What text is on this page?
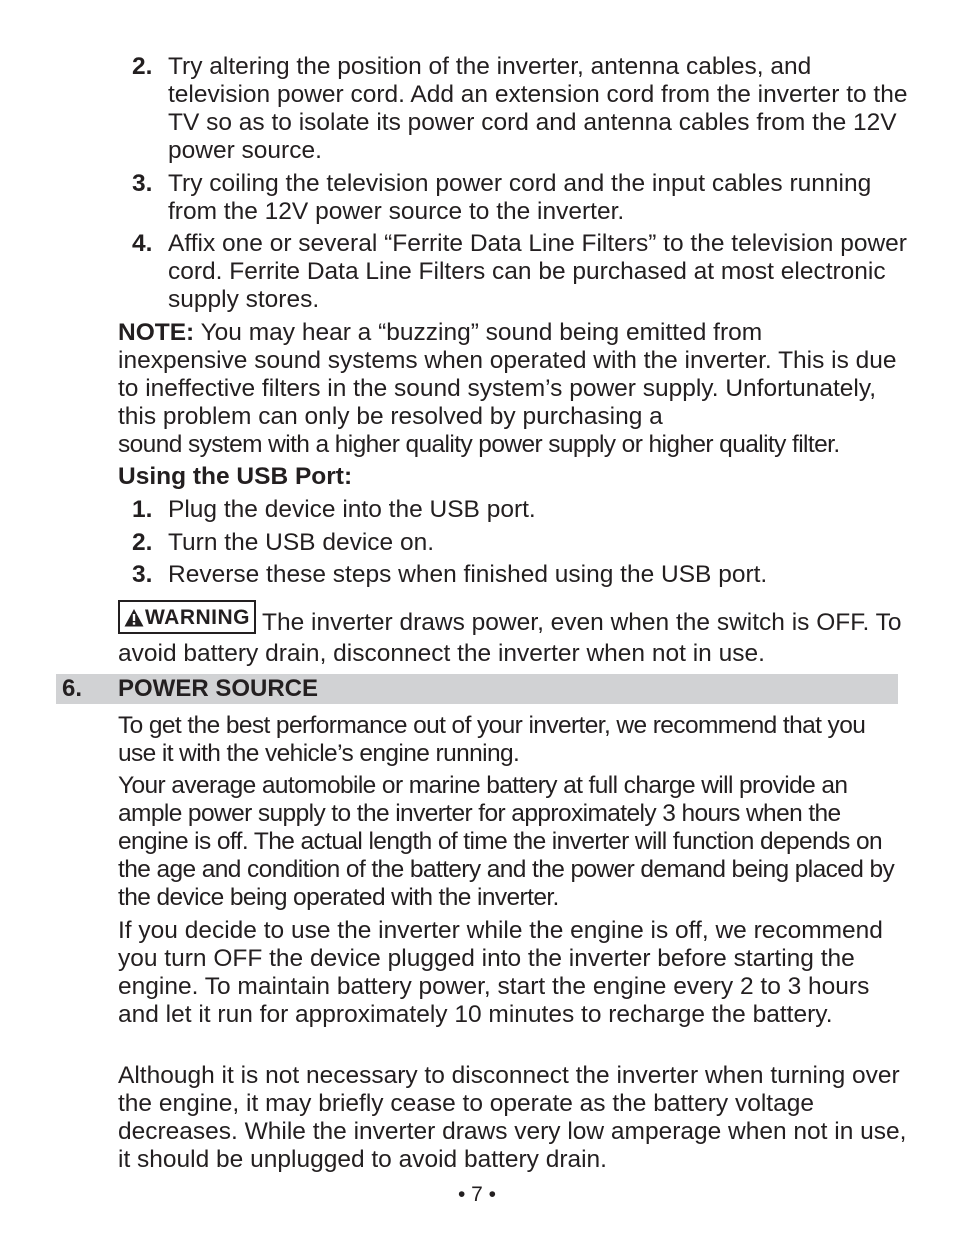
2. Try altering the position of the inverter, antenna cables, and television power cord. Add an extension cord from the inverter to the TV so as to isolate its power cord and antenna cables from the 12V power source.
3. Try coiling the television power cord and the input cables running from the 12V power source to the inverter.
4. Affix one or several “Ferrite Data Line Filters” to the television power cord. Ferrite Data Line Filters can be purchased at most electronic supply stores.

NOTE: You may hear a “buzzing” sound being emitted from inexpensive sound systems when operated with the inverter. This is due to ineffective filters in the sound system’s power supply. Unfortunately, this problem can only be resolved by purchasing a
sound system with a higher quality power supply or higher quality filter.

Using the USB Port:
1. Plug the device into the USB port.
2. Turn the USB device on.
3. Reverse these steps when finished using the USB port.

WARNING The inverter draws power, even when the switch is OFF. To avoid battery drain, disconnect the inverter when not in use.

6. POWER SOURCE

To get the best performance out of your inverter, we recommend that you use it with the vehicle’s engine running.

Your average automobile or marine battery at full charge will provide an ample power supply to the inverter for approximately 3 hours when the engine is off. The actual length of time the inverter will function depends on the age and condition of the battery and the power demand being placed by the device being operated with the inverter.

If you decide to use the inverter while the engine is off, we recommend you turn OFF the device plugged into the inverter before starting the engine. To maintain battery power, start the engine every 2 to 3 hours and let it run for approximately 10 minutes to recharge the battery.

Although it is not necessary to disconnect the inverter when turning over the engine, it may briefly cease to operate as the battery voltage decreases. While the inverter draws very low amperage when not in use, it should be unplugged to avoid battery drain.

• 7 •
